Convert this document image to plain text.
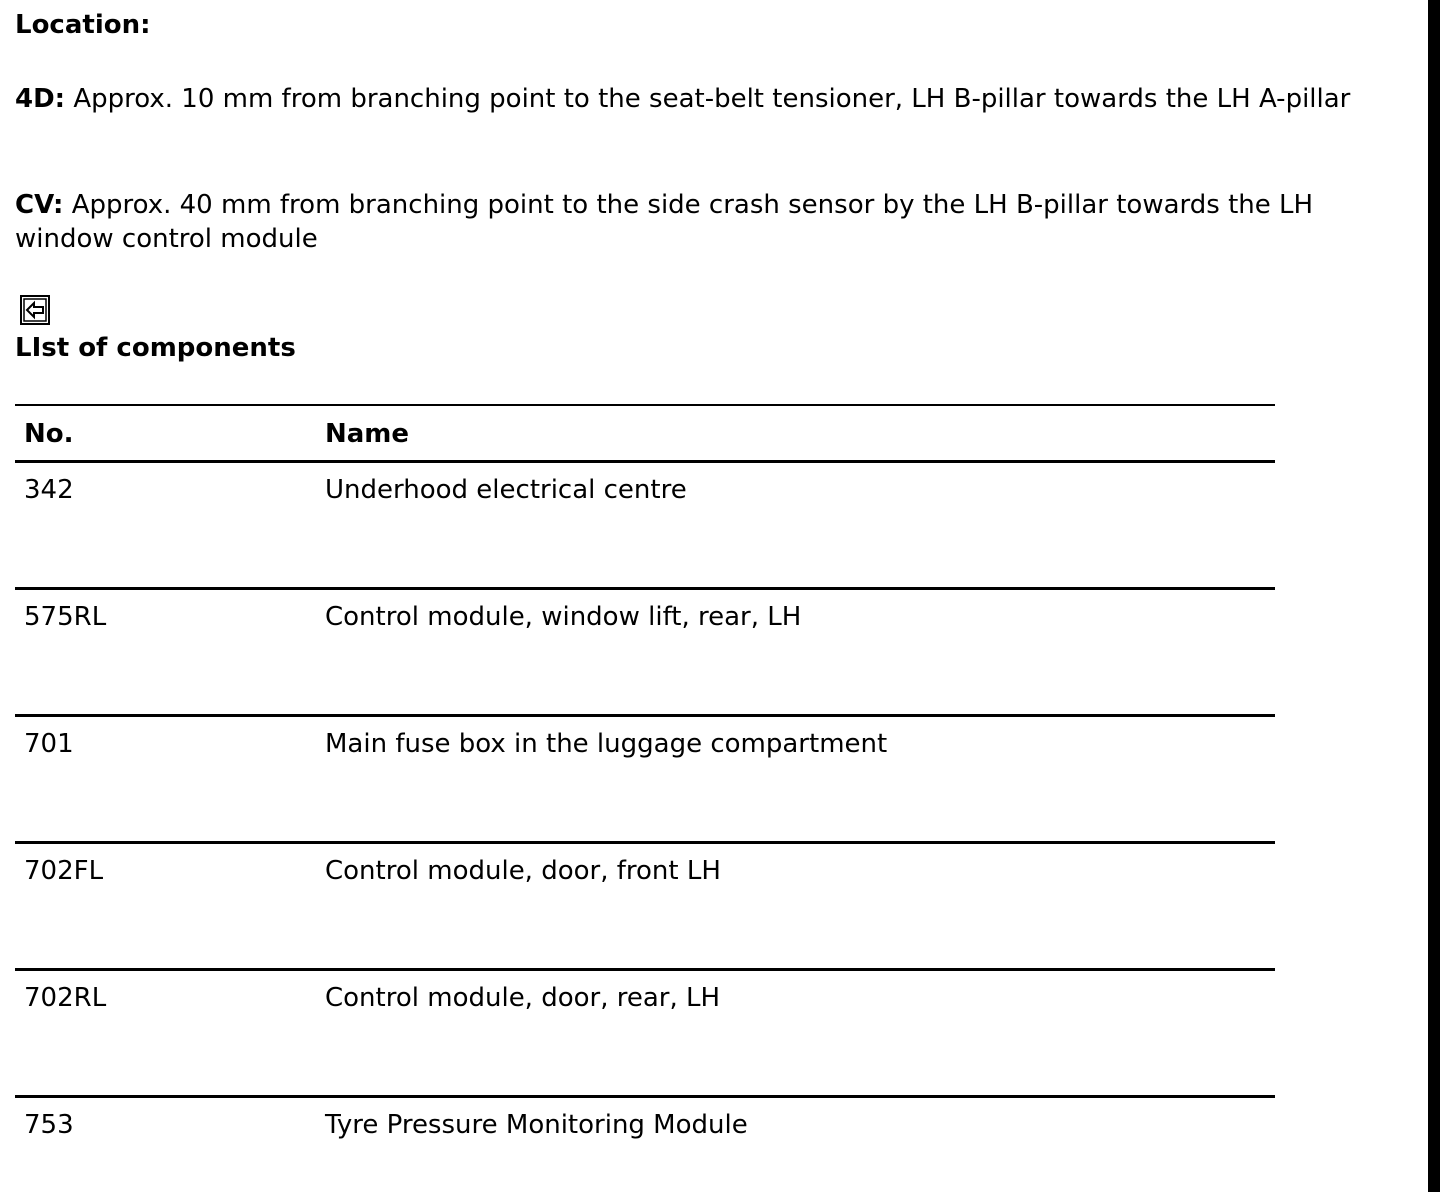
Location:
4D: Approx. 10 mm from branching point to the seat-belt tensioner, LH B-pillar towards the LH A-pillar
CV: Approx. 40 mm from branching point to the side crash sensor by the LH B-pillar towards the LH window control module
LIst of components
No.	Name
342	Underhood electrical centre
575RL	Control module, window lift, rear, LH
701	Main fuse box in the luggage compartment
702FL	Control module, door, front LH
702RL	Control module, door, rear, LH
753	Tyre Pressure Monitoring Module
